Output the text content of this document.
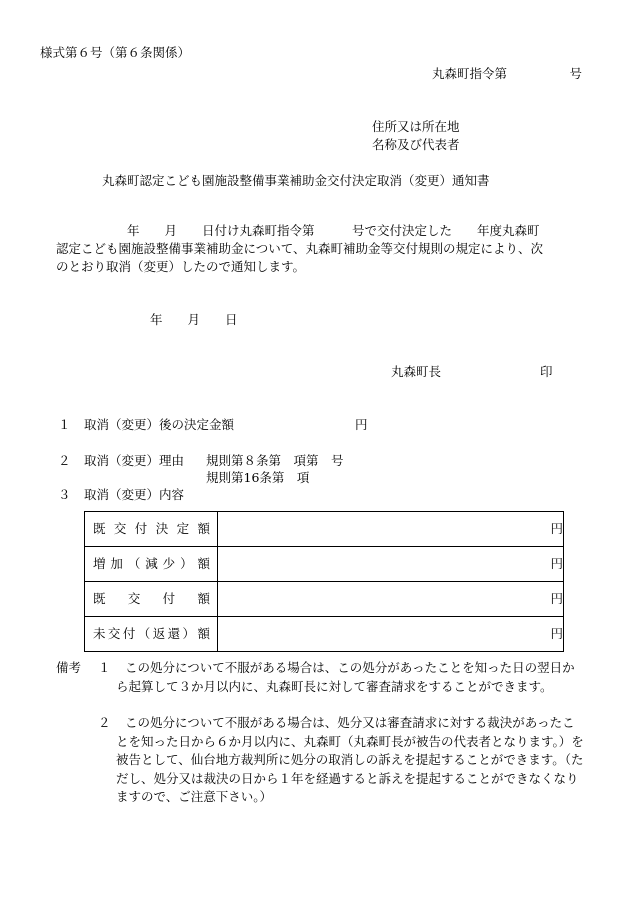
様式第６号（第６条関係）
丸森町指令第　　　　　号
住所又は所在地
名称及び代表者
丸森町認定こども園施設整備事業補助金交付決定取消（変更）通知書
年　　月　　日付け丸森町指令第　　　号で交付決定した　　年度丸森町
認定こども園施設整備事業補助金について、丸森町補助金等交付規則の規定により、次
のとおり取消（変更）したので通知します。
年　　月　　日
丸森町長	印
１ 取消（変更）後の決定金額	円
２ 取消（変更）理由 規則第８条第　項第　号
規則第16条第　項
３ 取消（変更）内容
既交付決定額	円

増加（減少）額	円

既交付額	円

未交付（返還）額	円
備考 １	この処分について不服がある場合は、この処分があったことを知った日の翌日から起算して３か月以内に、丸森町長に対して審査請求をすることができます。
２	この処分について不服がある場合は、処分又は審査請求に対する裁決があったことを知った日から６か月以内に、丸森町（丸森町長が被告の代表者となります。）を被告として、仙台地方裁判所に処分の取消しの訴えを提起することができます。（ただし、処分又は裁決の日から１年を経過すると訴えを提起することができなくなりますので、ご注意下さい。）
